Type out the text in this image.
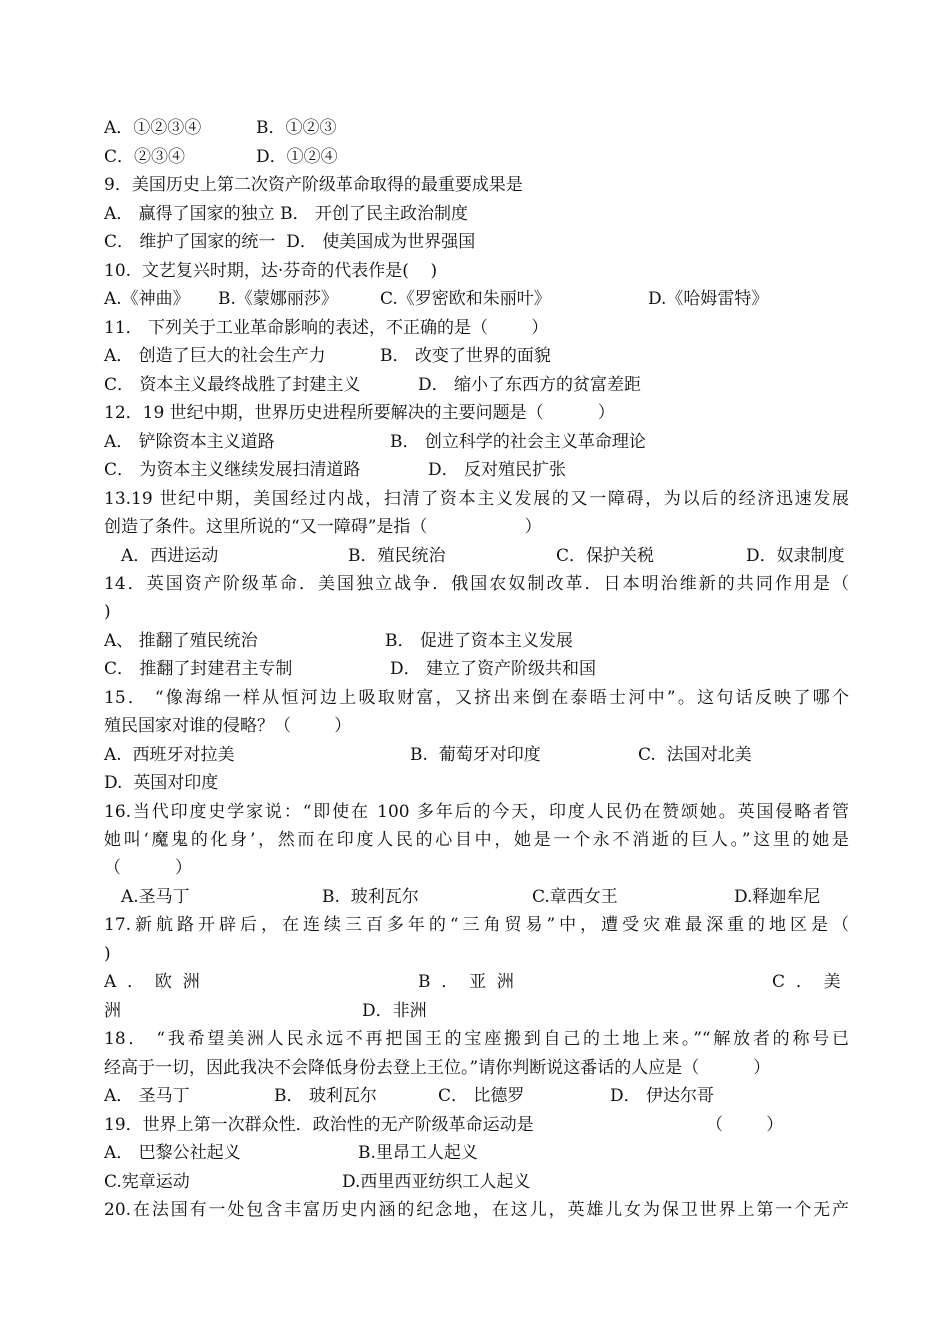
A．①②③④	B．①②③
C．②③④	D．①②④
9．美国历史上第二次资产阶级革命取得的最重要成果是
A． 赢得了国家的独立 B． 开创了民主政治制度
C． 维护了国家的统一  D． 使美国成为世界强国
10.  文艺复兴时期，达·芬奇的代表作是(    )
A.《神曲》 B.《蒙娜丽莎》 C.《罗密欧和朱丽叶》	D.《哈姆雷特》
11． 下列关于工业革命影响的表述，不正确的是（        ）
A． 创造了巨大的社会生产力	B． 改变了世界的面貌
C． 资本主义最终战胜了封建主义	D． 缩小了东西方的贫富差距
12．19 世纪中期，世界历史进程所要解决的主要问题是（          ）
A． 铲除资本主义道路	B． 创立科学的社会主义革命理论
C． 为资本主义继续发展扫清道路	D． 反对殖民扩张
13.19 世纪中期，美国经过内战，扫清了资本主义发展的又一障碍，为以后的经济迅速发展
创造了条件。这里所说的“又一障碍”是指（                  ）
A．西进运动	B．殖民统治	C．保护关税	D．奴隶制度
14．英国资产阶级革命．美国独立战争．俄国农奴制改革．日本明治维新的共同作用是（
)
A、 推翻了殖民统治	B． 促进了资本主义发展
C． 推翻了封建君主专制	D． 建立了资产阶级共和国
15． “像海绵一样从恒河边上吸取财富，又挤出来倒在泰晤士河中”。这句话反映了哪个
殖民国家对谁的侵略？（        ）
A.  西班牙对拉美	B.  葡萄牙对印度	C.  法国对北美
D.  英国对印度
16.当代印度史学家说：“即使在 100 多年后的今天，印度人民仍在赞颂她。英国侵略者管
她叫‘魔鬼的化身’，然而在印度人民的心目中，她是一个永不消逝的巨人。”这里的她是
（          ）
A.圣马丁	B.  玻利瓦尔	C.章西女王	D.释迦牟尼
17.新航路开辟后，在连续三百多年的“三角贸易”中，遭受灾难最深重的地区是（
)
A  ．  欧  洲	B  ．  亚  洲	C  ．  美
洲	D．非洲
18． “我希望美洲人民永远不再把国王的宝座搬到自己的土地上来。”“解放者的称号已
经高于一切，因此我决不会降低身份去登上王位。”请你判断说这番话的人应是（          ）
A． 圣马丁	B． 玻利瓦尔	C． 比德罗	D． 伊达尔哥
19．世界上第一次群众性．政治性的无产阶级革命运动是	（        ）
A． 巴黎公社起义	B.里昂工人起义
C.宪章运动	D.西里西亚纺织工人起义
20.在法国有一处包含丰富历史内涵的纪念地，在这儿，英雄儿女为保卫世界上第一个无产
